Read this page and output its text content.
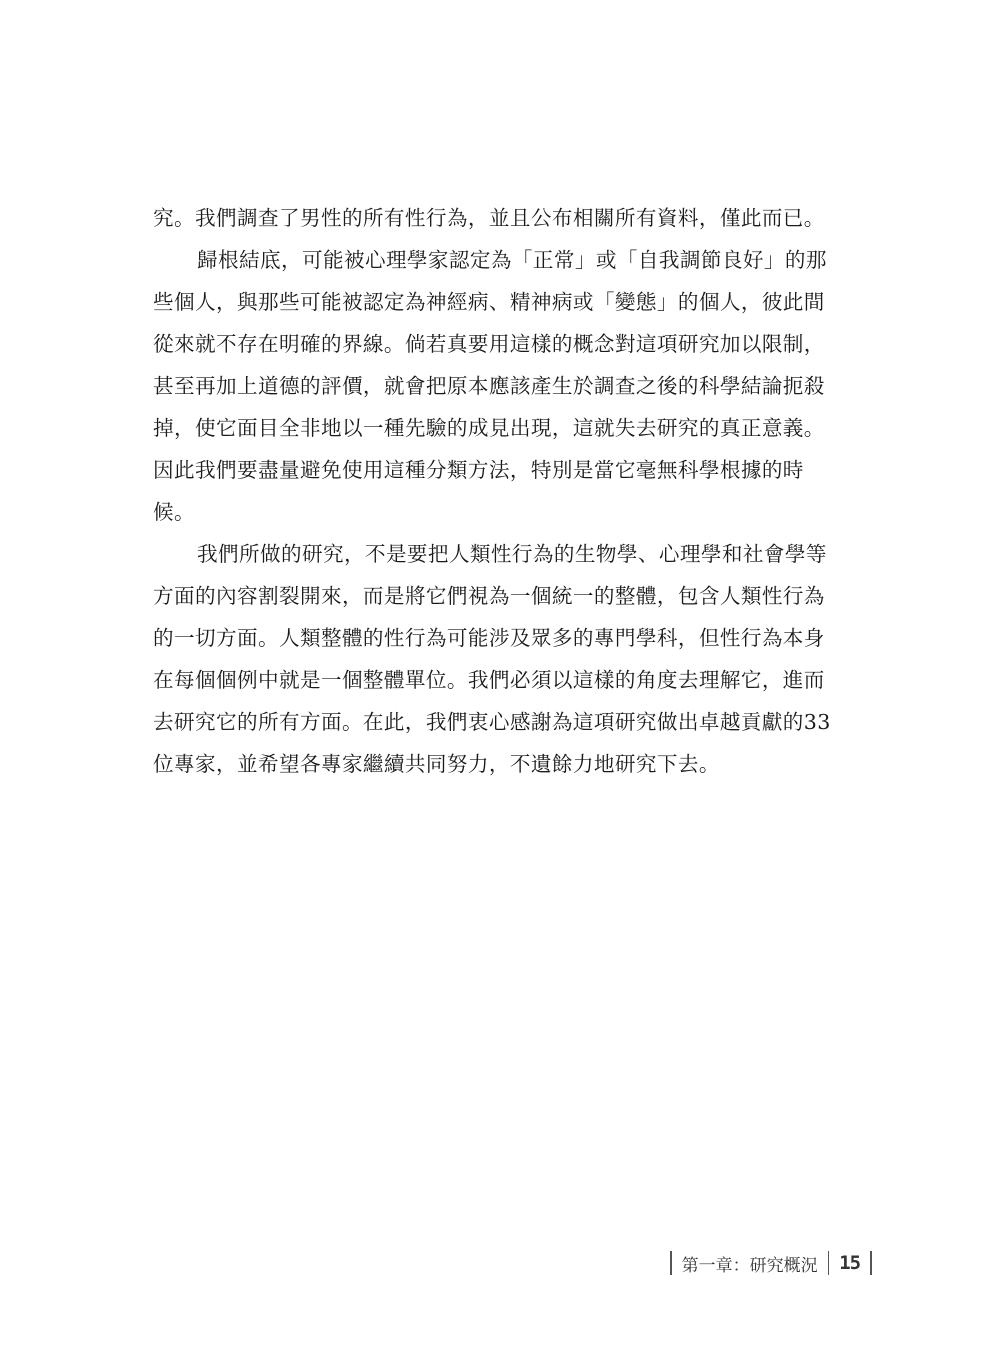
究。我們調查了男性的所有性行為，並且公布相關所有資料，僅此而已。
歸根結底，可能被心理學家認定為「正常」或「自我調節良好」的那
些個人，與那些可能被認定為神經病、精神病或「變態」的個人，彼此間
從來就不存在明確的界線。倘若真要用這樣的概念對這項研究加以限制，
甚至再加上道德的評價，就會把原本應該產生於調查之後的科學結論扼殺
掉，使它面目全非地以一種先驗的成見出現，這就失去研究的真正意義。
因此我們要盡量避免使用這種分類方法，特別是當它毫無科學根據的時
候。
我們所做的研究，不是要把人類性行為的生物學、心理學和社會學等
方面的內容割裂開來，而是將它們視為一個統一的整體，包含人類性行為
的一切方面。人類整體的性行為可能涉及眾多的專門學科，但性行為本身
在每個個例中就是一個整體單位。我們必須以這樣的角度去理解它，進而
去研究它的所有方面。在此，我們衷心感謝為這項研究做出卓越貢獻的33
位專家，並希望各專家繼續共同努力，不遺餘力地研究下去。
第一章：研究概況 15
